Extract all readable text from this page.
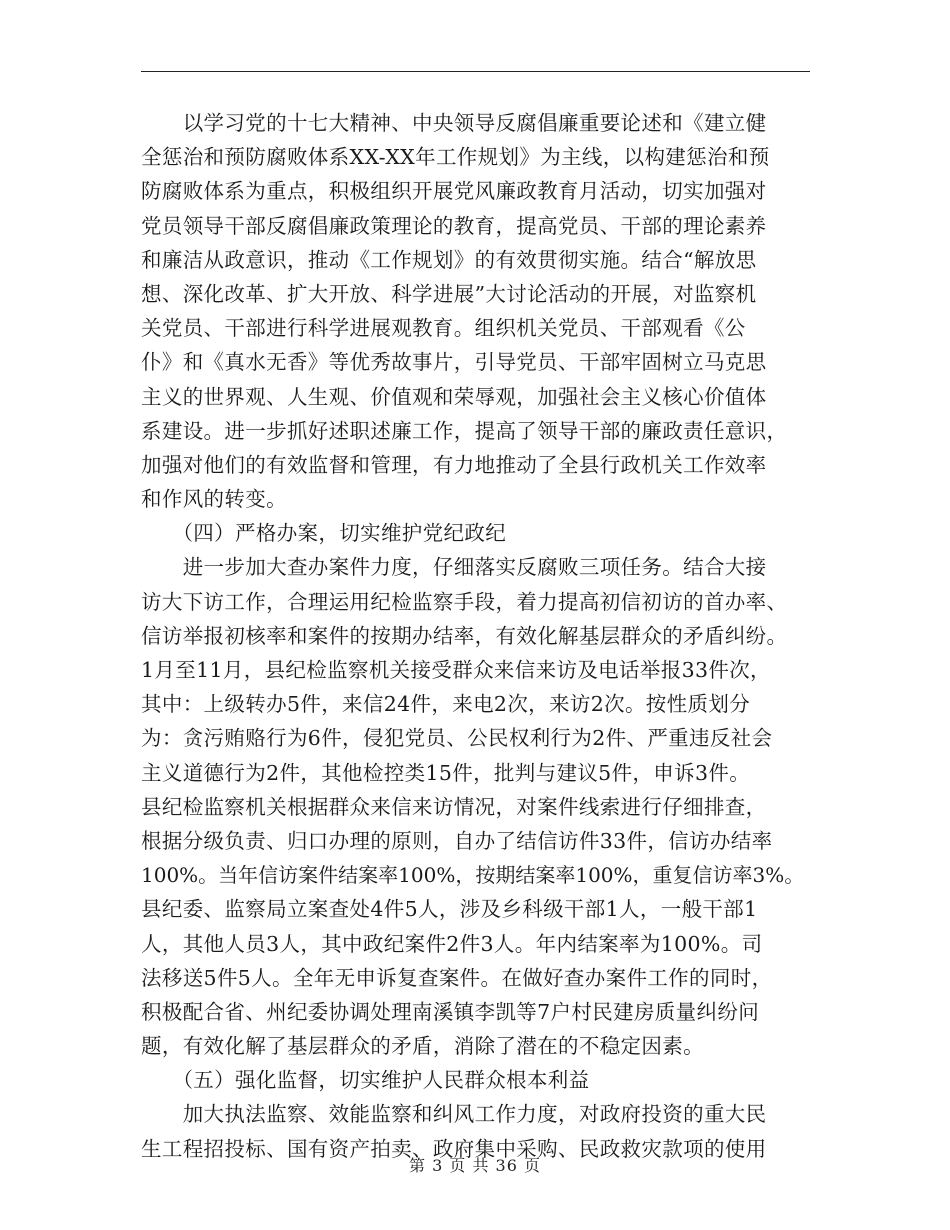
　　以学习党的十七大精神、中央领导反腐倡廉重要论述和《建立健
全惩治和预防腐败体系XX-XX年工作规划》为主线，以构建惩治和预
防腐败体系为重点，积极组织开展党风廉政教育月活动，切实加强对
党员领导干部反腐倡廉政策理论的教育，提高党员、干部的理论素养
和廉洁从政意识，推动《工作规划》的有效贯彻实施。结合“解放思
想、深化改革、扩大开放、科学进展”大讨论活动的开展，对监察机
关党员、干部进行科学进展观教育。组织机关党员、干部观看《公
仆》和《真水无香》等优秀故事片，引导党员、干部牢固树立马克思
主义的世界观、人生观、价值观和荣辱观，加强社会主义核心价值体
系建设。进一步抓好述职述廉工作，提高了领导干部的廉政责任意识，
加强对他们的有效监督和管理，有力地推动了全县行政机关工作效率
和作风的转变。
　　（四）严格办案，切实维护党纪政纪
　　进一步加大查办案件力度，仔细落实反腐败三项任务。结合大接
访大下访工作，合理运用纪检监察手段，着力提高初信初访的首办率、
信访举报初核率和案件的按期办结率，有效化解基层群众的矛盾纠纷。
1月至11月，县纪检监察机关接受群众来信来访及电话举报33件次，
其中：上级转办5件，来信24件，来电2次，来访2次。按性质划分
为：贪污贿赂行为6件，侵犯党员、公民权利行为2件、严重违反社会
主义道德行为2件，其他检控类15件，批判与建议5件，申诉3件。
县纪检监察机关根据群众来信来访情况，对案件线索进行仔细排查，
根据分级负责、归口办理的原则，自办了结信访件33件，信访办结率
100%。当年信访案件结案率100%，按期结案率100%，重复信访率3%。
县纪委、监察局立案查处4件5人，涉及乡科级干部1人，一般干部1
人，其他人员3人，其中政纪案件2件3人。年内结案率为100%。司
法移送5件5人。全年无申诉复查案件。在做好查办案件工作的同时，
积极配合省、州纪委协调处理南溪镇李凯等7户村民建房质量纠纷问
题，有效化解了基层群众的矛盾，消除了潜在的不稳定因素。
　　（五）强化监督，切实维护人民群众根本利益
　　加大执法监察、效能监察和纠风工作力度，对政府投资的重大民
生工程招投标、国有资产拍卖、政府集中采购、民政救灾款项的使用
第 3 页 共 36 页
